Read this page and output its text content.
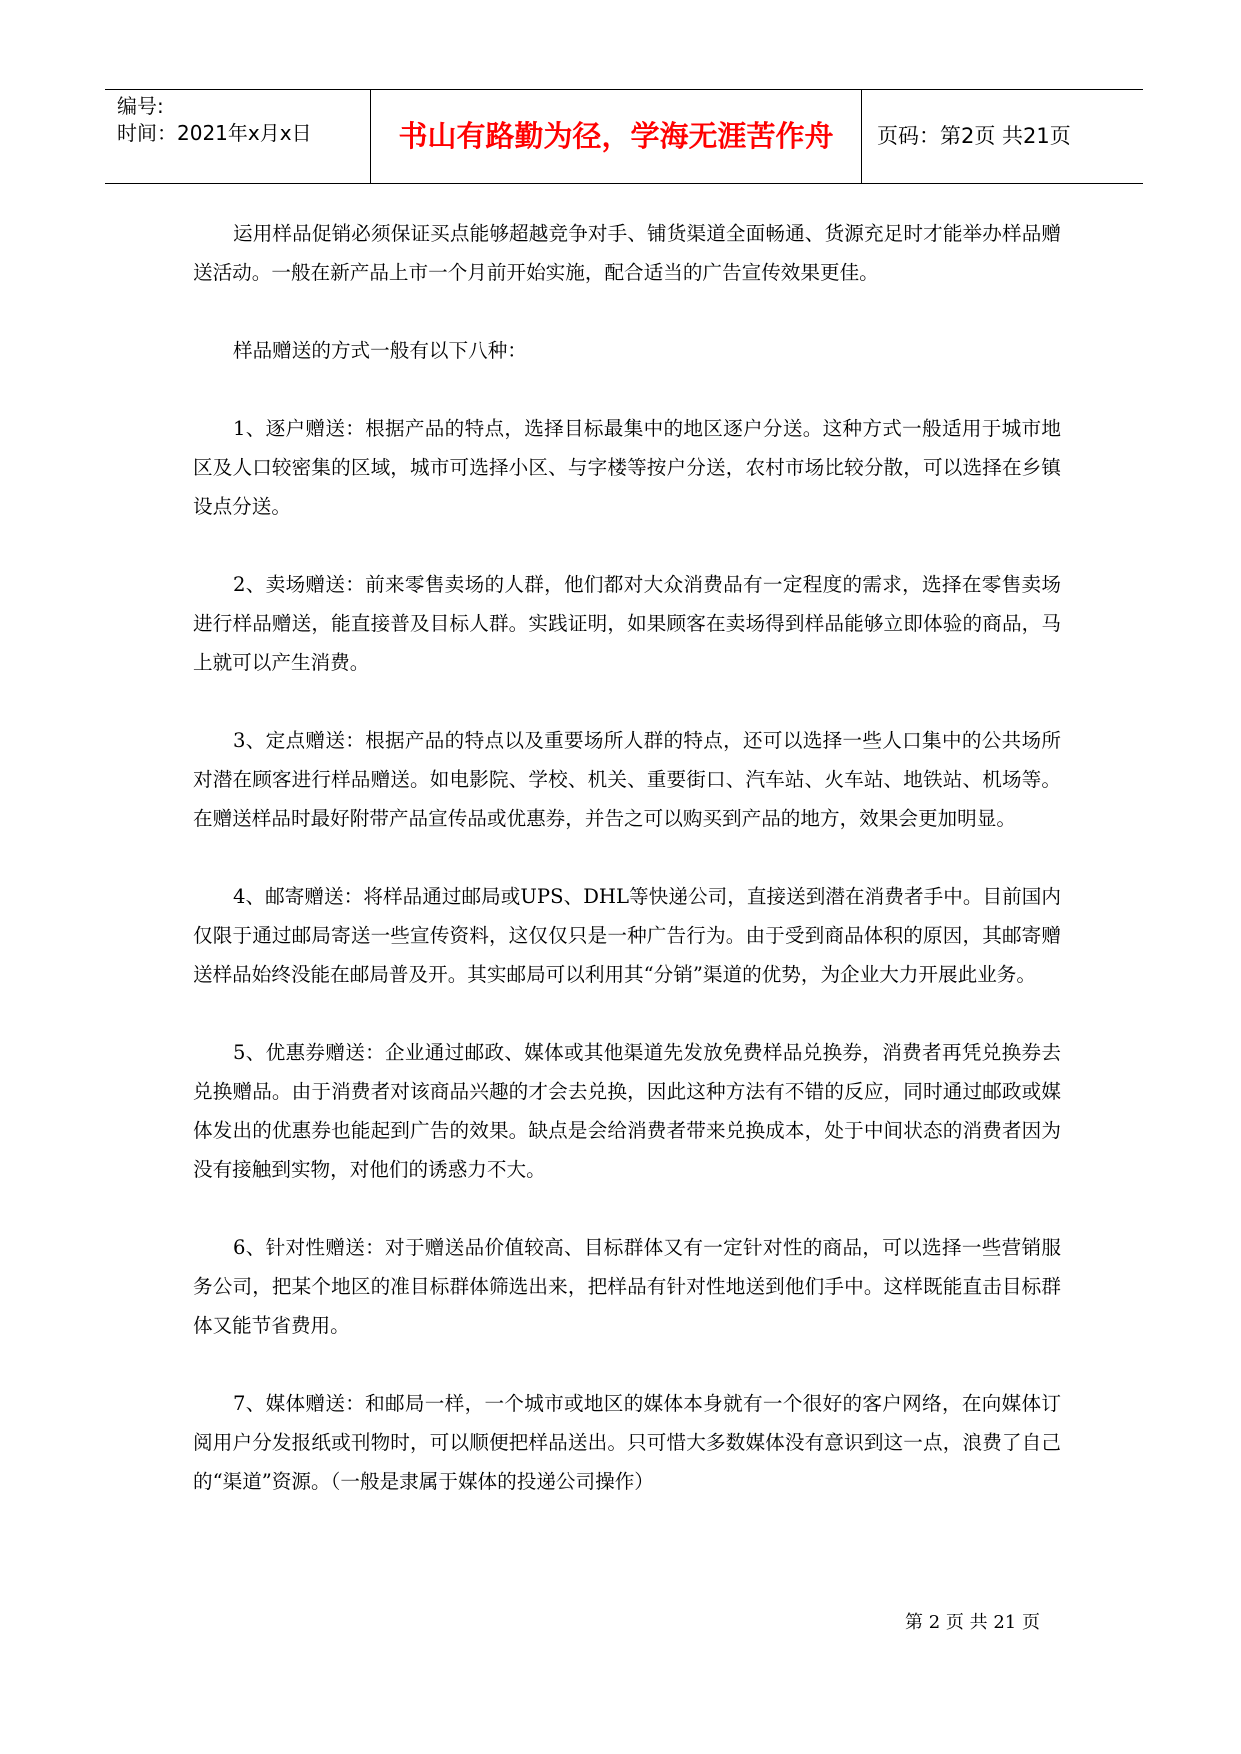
编号:
时间：2021年x月x日	书山有路勤为径，学海无涯苦作舟	页码：第2页 共21页

运用样品促销必须保证买点能够超越竞争对手、铺货渠道全面畅通、货源充足时才能举办样品赠送活动。一般在新产品上市一个月前开始实施，配合适当的广告宣传效果更佳。

样品赠送的方式一般有以下八种：

1、逐户赠送：根据产品的特点，选择目标最集中的地区逐户分送。这种方式一般适用于城市地区及人口较密集的区域，城市可选择小区、与字楼等按户分送，农村市场比较分散，可以选择在乡镇设点分送。

2、卖场赠送：前来零售卖场的人群，他们都对大众消费品有一定程度的需求，选择在零售卖场进行样品赠送，能直接普及目标人群。实践证明，如果顾客在卖场得到样品能够立即体验的商品，马上就可以产生消费。

3、定点赠送：根据产品的特点以及重要场所人群的特点，还可以选择一些人口集中的公共场所对潜在顾客进行样品赠送。如电影院、学校、机关、重要街口、汽车站、火车站、地铁站、机场等。在赠送样品时最好附带产品宣传品或优惠券，并告之可以购买到产品的地方，效果会更加明显。

4、邮寄赠送：将样品通过邮局或UPS、DHL等快递公司，直接送到潜在消费者手中。目前国内仅限于通过邮局寄送一些宣传资料，这仅仅只是一种广告行为。由于受到商品体积的原因，其邮寄赠送样品始终没能在邮局普及开。其实邮局可以利用其“分销”渠道的优势，为企业大力开展此业务。

5、优惠券赠送：企业通过邮政、媒体或其他渠道先发放免费样品兑换券，消费者再凭兑换券去兑换赠品。由于消费者对该商品兴趣的才会去兑换，因此这种方法有不错的反应，同时通过邮政或媒体发出的优惠券也能起到广告的效果。缺点是会给消费者带来兑换成本，处于中间状态的消费者因为没有接触到实物，对他们的诱惑力不大。

6、针对性赠送：对于赠送品价值较高、目标群体又有一定针对性的商品，可以选择一些营销服务公司，把某个地区的准目标群体筛选出来，把样品有针对性地送到他们手中。这样既能直击目标群体又能节省费用。

7、媒体赠送：和邮局一样，一个城市或地区的媒体本身就有一个很好的客户网络，在向媒体订阅用户分发报纸或刊物时，可以顺便把样品送出。只可惜大多数媒体没有意识到这一点，浪费了自己的“渠道”资源。（一般是隶属于媒体的投递公司操作）

第 2 页 共 21 页
